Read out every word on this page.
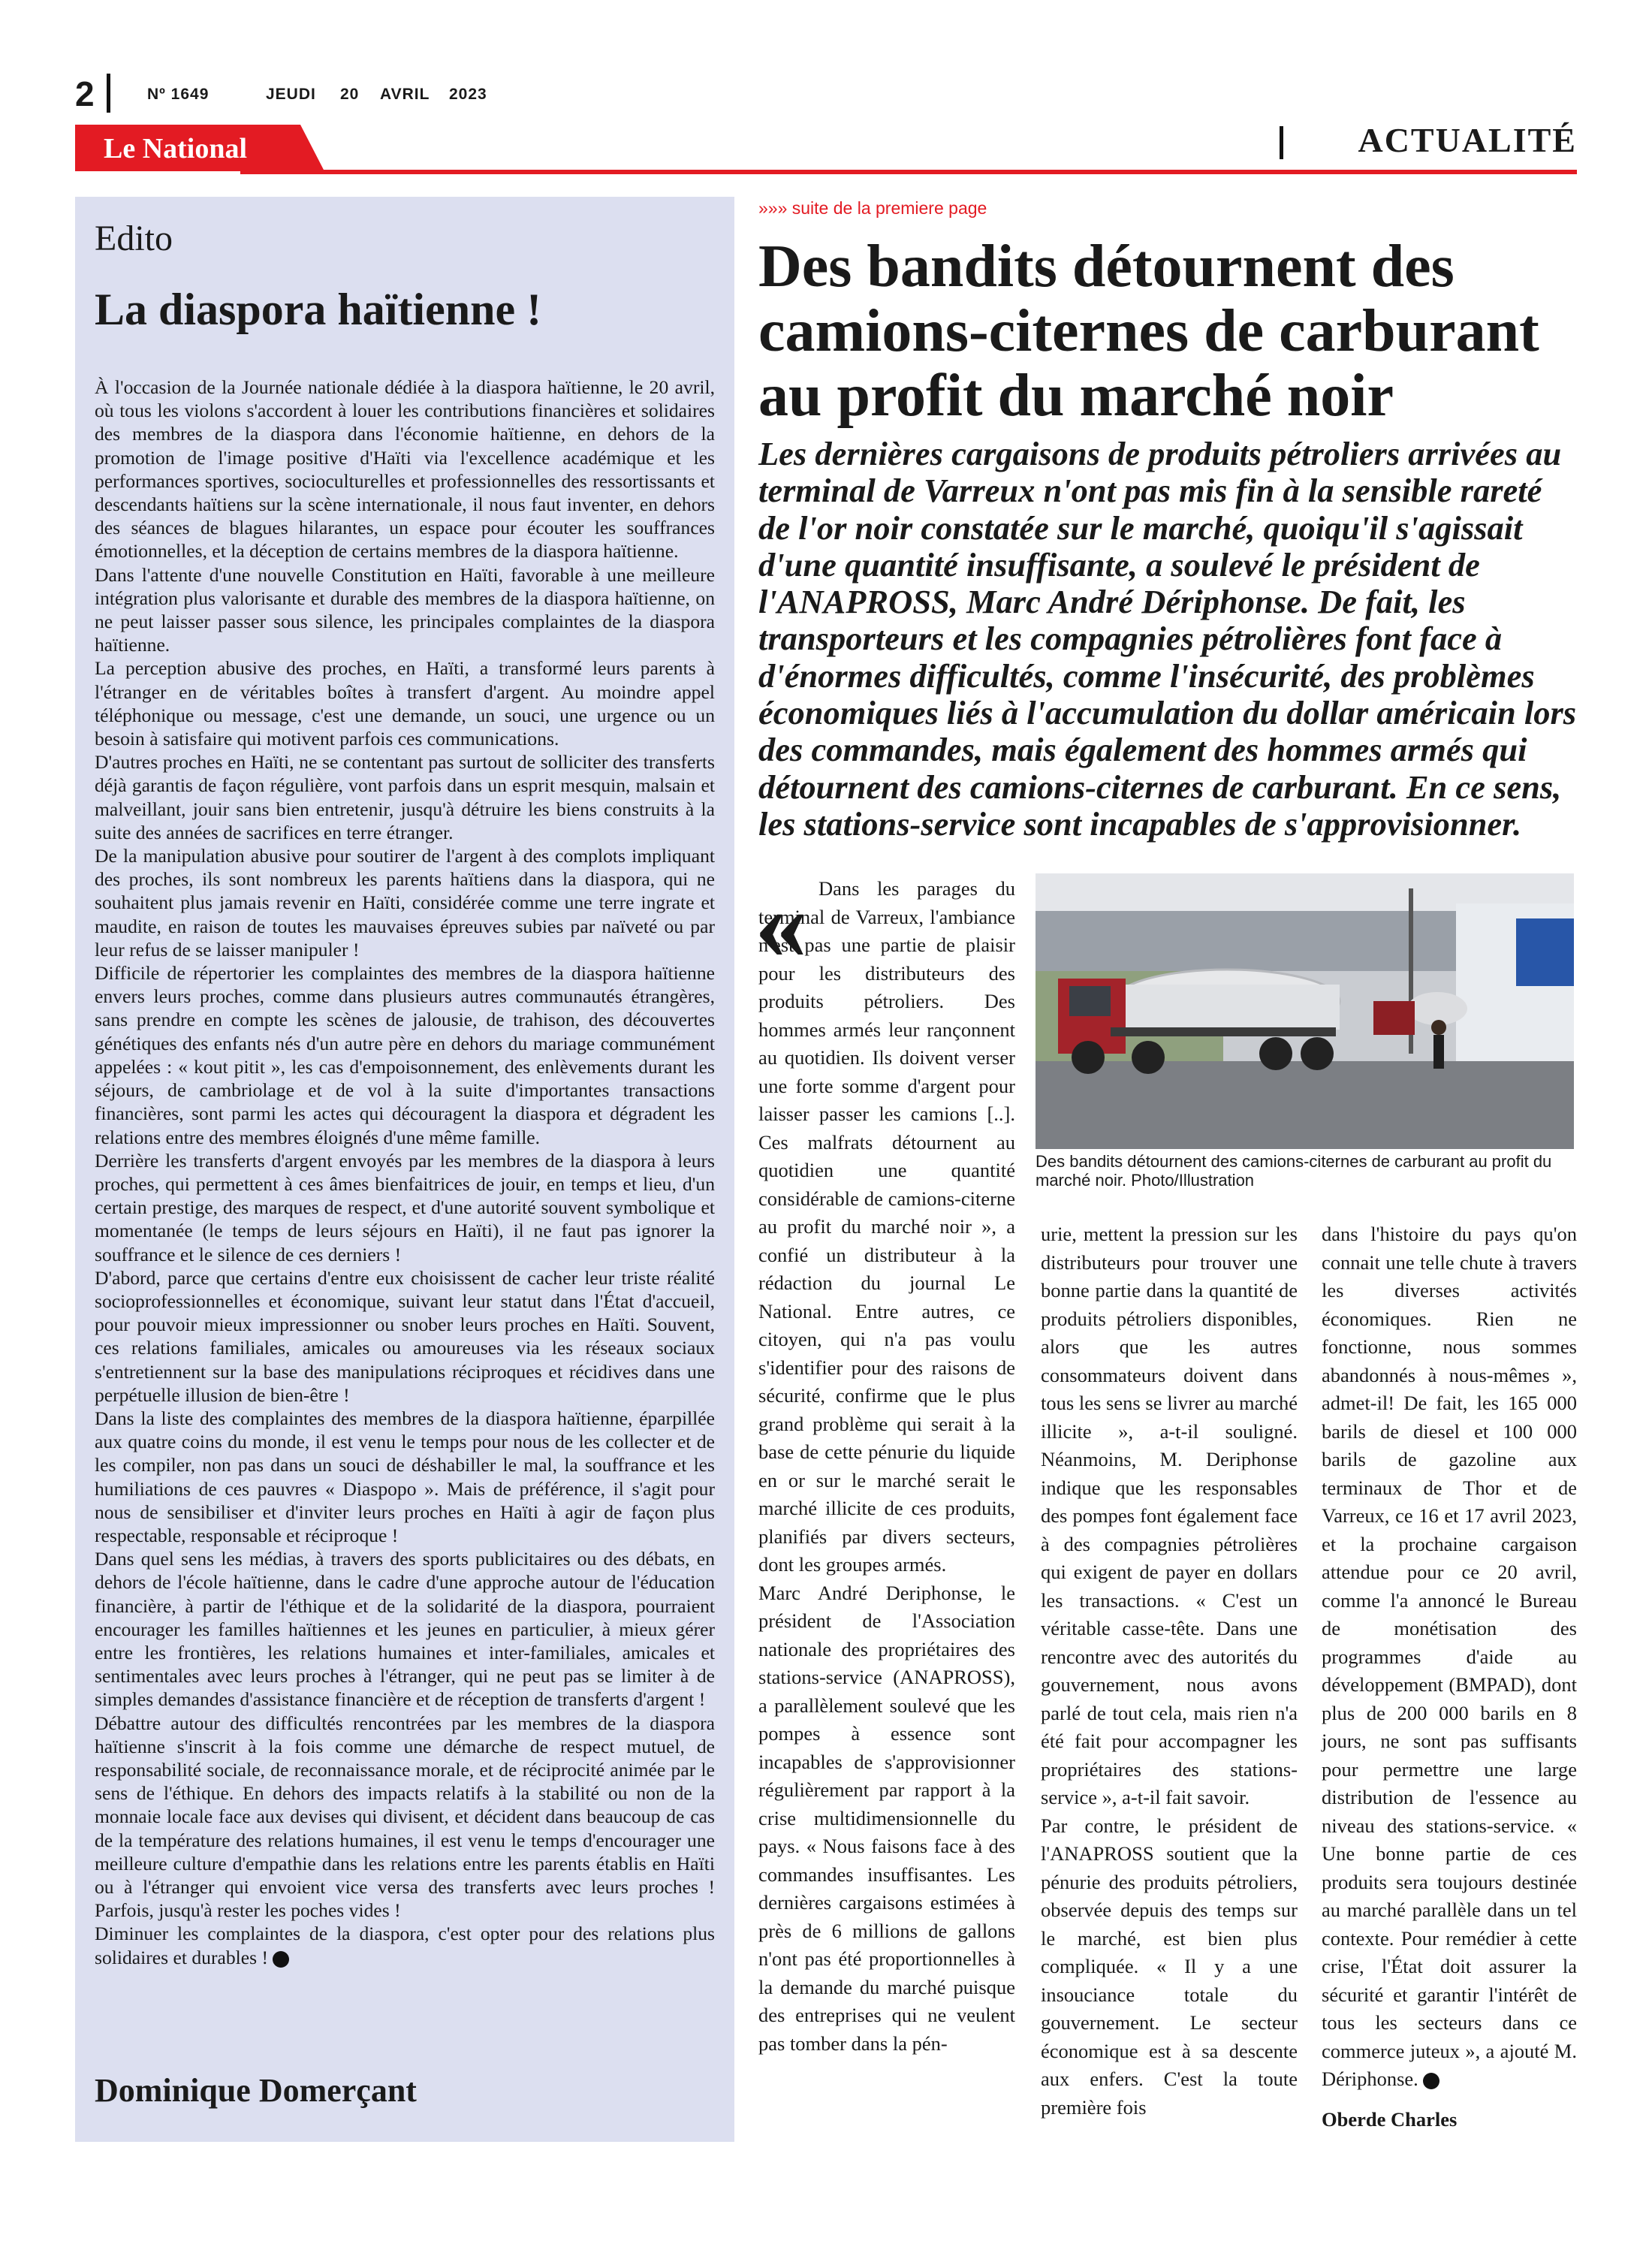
2	Nº 1649	JEUDI 20 AVRIL 2023
Le National	ACTUALITÉ
Edito
La diaspora haïtienne !

À l'occasion de la Journée nationale dédiée à la diaspora haïtienne, le 20 avril, où tous les violons s'accordent à louer les contributions financières et solidaires des membres de la diaspora dans l'économie haïtienne, en dehors de la promotion de l'image positive d'Haïti via l'excellence académique et les performances sportives, socioculturelles et professionnelles des ressortissants et descendants haïtiens sur la scène internationale, il nous faut inventer, en dehors des séances de blagues hilarantes, un espace pour écouter les souffrances émotionnelles, et la déception de certains membres de la diaspora haïtienne.

Dans l'attente d'une nouvelle Constitution en Haïti, favorable à une meilleure intégration plus valorisante et durable des membres de la diaspora haïtienne, on ne peut laisser passer sous silence, les principales complaintes de la diaspora haïtienne.

La perception abusive des proches, en Haïti, a transformé leurs parents à l'étranger en de véritables boîtes à transfert d'argent. Au moindre appel téléphonique ou message, c'est une demande, un souci, une urgence ou un besoin à satisfaire qui motivent parfois ces communications.

D'autres proches en Haïti, ne se contentant pas surtout de solliciter des transferts déjà garantis de façon régulière, vont parfois dans un esprit mesquin, malsain et malveillant, jouir sans bien entretenir, jusqu'à détruire les biens construits à la suite des années de sacrifices en terre étranger.

De la manipulation abusive pour soutirer de l'argent à des complots impliquant des proches, ils sont nombreux les parents haïtiens dans la diaspora, qui ne souhaitent plus jamais revenir en Haïti, considérée comme une terre ingrate et maudite, en raison de toutes les mauvaises épreuves subies par naïveté ou par leur refus de se laisser manipuler !

Difficile de répertorier les complaintes des membres de la diaspora haïtienne envers leurs proches, comme dans plusieurs autres communautés étrangères, sans prendre en compte les scènes de jalousie, de trahison, des découvertes génétiques des enfants nés d'un autre père en dehors du mariage communément appelées : « kout pitit », les cas d'empoisonnement, des enlèvements durant les séjours, de cambriolage et de vol à la suite d'importantes transactions financières, sont parmi les actes qui découragent la diaspora et dégradent les relations entre des membres éloignés d'une même famille.

Derrière les transferts d'argent envoyés par les membres de la diaspora à leurs proches, qui permettent à ces âmes bienfaitrices de jouir, en temps et lieu, d'un certain prestige, des marques de respect, et d'une autorité souvent symbolique et momentanée (le temps de leurs séjours en Haïti), il ne faut pas ignorer la souffrance et le silence de ces derniers !

D'abord, parce que certains d'entre eux choisissent de cacher leur triste réalité socioprofessionnelles et économique, suivant leur statut dans l'État d'accueil, pour pouvoir mieux impressionner ou snober leurs proches en Haïti. Souvent, ces relations familiales, amicales ou amoureuses via les réseaux sociaux s'entretiennent sur la base des manipulations réciproques et récidives dans une perpétuelle illusion de bien-être !

Dans la liste des complaintes des membres de la diaspora haïtienne, éparpillée aux quatre coins du monde, il est venu le temps pour nous de les collecter et de les compiler, non pas dans un souci de déshabiller le mal, la souffrance et les humiliations de ces pauvres « Diaspopo ». Mais de préférence, il s'agit pour nous de sensibiliser et d'inviter leurs proches en Haïti à agir de façon plus respectable, responsable et réciproque !

Dans quel sens les médias, à travers des sports publicitaires ou des débats, en dehors de l'école haïtienne, dans le cadre d'une approche autour de l'éducation financière, à partir de l'éthique et de la solidarité de la diaspora, pourraient encourager les familles haïtiennes et les jeunes en particulier, à mieux gérer entre les frontières, les relations humaines et inter-familiales, amicales et sentimentales avec leurs proches à l'étranger, qui ne peut pas se limiter à de simples demandes d'assistance financière et de réception de transferts d'argent !

Débattre autour des difficultés rencontrées par les membres de la diaspora haïtienne s'inscrit à la fois comme une démarche de respect mutuel, de responsabilité sociale, de reconnaissance morale, et de réciprocité animée par le sens de l'éthique. En dehors des impacts relatifs à la stabilité ou non de la monnaie locale face aux devises qui divisent, et décident dans beaucoup de cas de la température des relations humaines, il est venu le temps d'encourager une meilleure culture d'empathie dans les relations entre les parents établis en Haïti ou à l'étranger qui envoient vice versa des transferts avec leurs proches ! Parfois, jusqu'à rester les poches vides !

Diminuer les complaintes de la diaspora, c'est opter pour des relations plus solidaires et durables !

Dominique Domerçant
»»» suite de la premiere page
Des bandits détournent des camions-citernes de carburant au profit du marché noir
Les dernières cargaisons de produits pétroliers arrivées au terminal de Varreux n'ont pas mis fin à la sensible rareté de l'or noir constatée sur le marché, quoiqu'il s'agissait d'une quantité insuffisante, a soulevé le président de l'ANAPROSS, Marc André Dériphonse. De fait, les transporteurs et les compagnies pétrolières font face à d'énormes difficultés, comme l'insécurité, des problèmes économiques liés à l'accumulation du dollar américain lors des commandes, mais également des hommes armés qui détournent des camions-citernes de carburant. En ce sens, les stations-service sont incapables de s'approvisionner.
« Dans les parages du terminal de Varreux, l'ambiance n'est pas une partie de plaisir pour les distributeurs des produits pétroliers. Des hommes armés leur rançonnent au quotidien. Ils doivent verser une forte somme d'argent pour laisser passer les camions [..]. Ces malfrats détournent au quotidien une quantité considérable de camions-citerne au profit du marché noir », a confié un distributeur à la rédaction du journal Le National. Entre autres, ce citoyen, qui n'a pas voulu s'identifier pour des raisons de sécurité, confirme que le plus grand problème qui serait à la base de cette pénurie du liquide en or sur le marché serait le marché illicite de ces produits, planifiés par divers secteurs, dont les groupes armés.

Marc André Deriphonse, le président de l'Association nationale des propriétaires des stations-service (ANAPROSS), a parallèlement soulevé que les pompes à essence sont incapables de s'approvisionner régulièrement par rapport à la crise multidimensionnelle du pays. « Nous faisons face à des commandes insuffisantes. Les dernières cargaisons estimées à près de 6 millions de gallons n'ont pas été proportionnelles à la demande du marché puisque des entreprises qui ne veulent pas tomber dans la pén-

Des bandits détournent des camions-citernes de carburant au profit du marché noir. Photo/Illustration

urie, mettent la pression sur les distributeurs pour trouver une bonne partie dans la quantité de produits pétroliers disponibles, alors que les autres consommateurs doivent dans tous les sens se livrer au marché illicite », a-t-il souligné. Néanmoins, M. Deriphonse indique que les responsables des pompes font également face à des compagnies pétrolières qui exigent de payer en dollars les transactions. « C'est un véritable casse-tête. Dans une rencontre avec des autorités du gouvernement, nous avons parlé de tout cela, mais rien n'a été fait pour accompagner les propriétaires des stations-service », a-t-il fait savoir.

Par contre, le président de l'ANAPROSS soutient que la pénurie des produits pétroliers, observée depuis des temps sur le marché, est bien plus compliquée. « Il y a une insouciance totale du gouvernement. Le secteur économique est à sa descente aux enfers. C'est la toute première fois

dans l'histoire du pays qu'on connait une telle chute à travers les diverses activités économiques. Rien ne fonctionne, nous sommes abandonnés à nous-mêmes », admet-il! De fait, les 165 000 barils de diesel et 100 000 barils de gazoline aux terminaux de Thor et de Varreux, ce 16 et 17 avril 2023, et la prochaine cargaison attendue pour ce 20 avril, comme l'a annoncé le Bureau de monétisation des programmes d'aide au développement (BMPAD), dont plus de 200 000 barils en 8 jours, ne sont pas suffisants pour permettre une large distribution de l'essence au niveau des stations-service. « Une bonne partie de ces produits sera toujours destinée au marché parallèle dans un tel contexte. Pour remédier à cette crise, l'État doit assurer la sécurité et garantir l'intérêt de tous les secteurs dans ce commerce juteux », a ajouté M. Dériphonse.

Oberde Charles
